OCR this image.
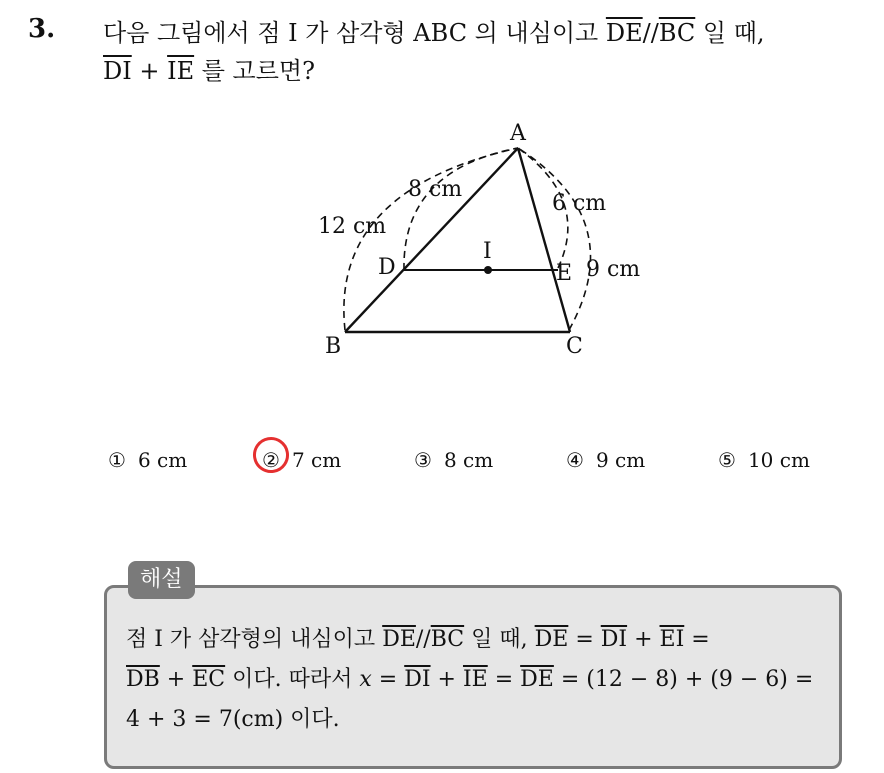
3. 다음 그림에서 점 I 가 삼각형 ABC 의 내심이고 $\overline{DE}//\overline{BC}$ 일 때,
$\overline{DI} + \overline{IE}$ 를 고르면?
A
B	C
D	E
I
8 cm
12 cm
6 cm
9 cm
① 6 cm	② 7 cm	③ 8 cm	④ 9 cm	⑤ 10 cm
해설
점 I 가 삼각형의 내심이고 $\overline{DE}//\overline{BC}$ 일 때, $\overline{DE} = \overline{DI} + \overline{EI}$ =
$\overline{DB} + \overline{EC}$ 이다. 따라서 $x = \overline{DI} + \overline{IE} = \overline{DE} = (12 - 8) + (9 - 6)$ =
4 + 3 = 7(cm) 이다.
